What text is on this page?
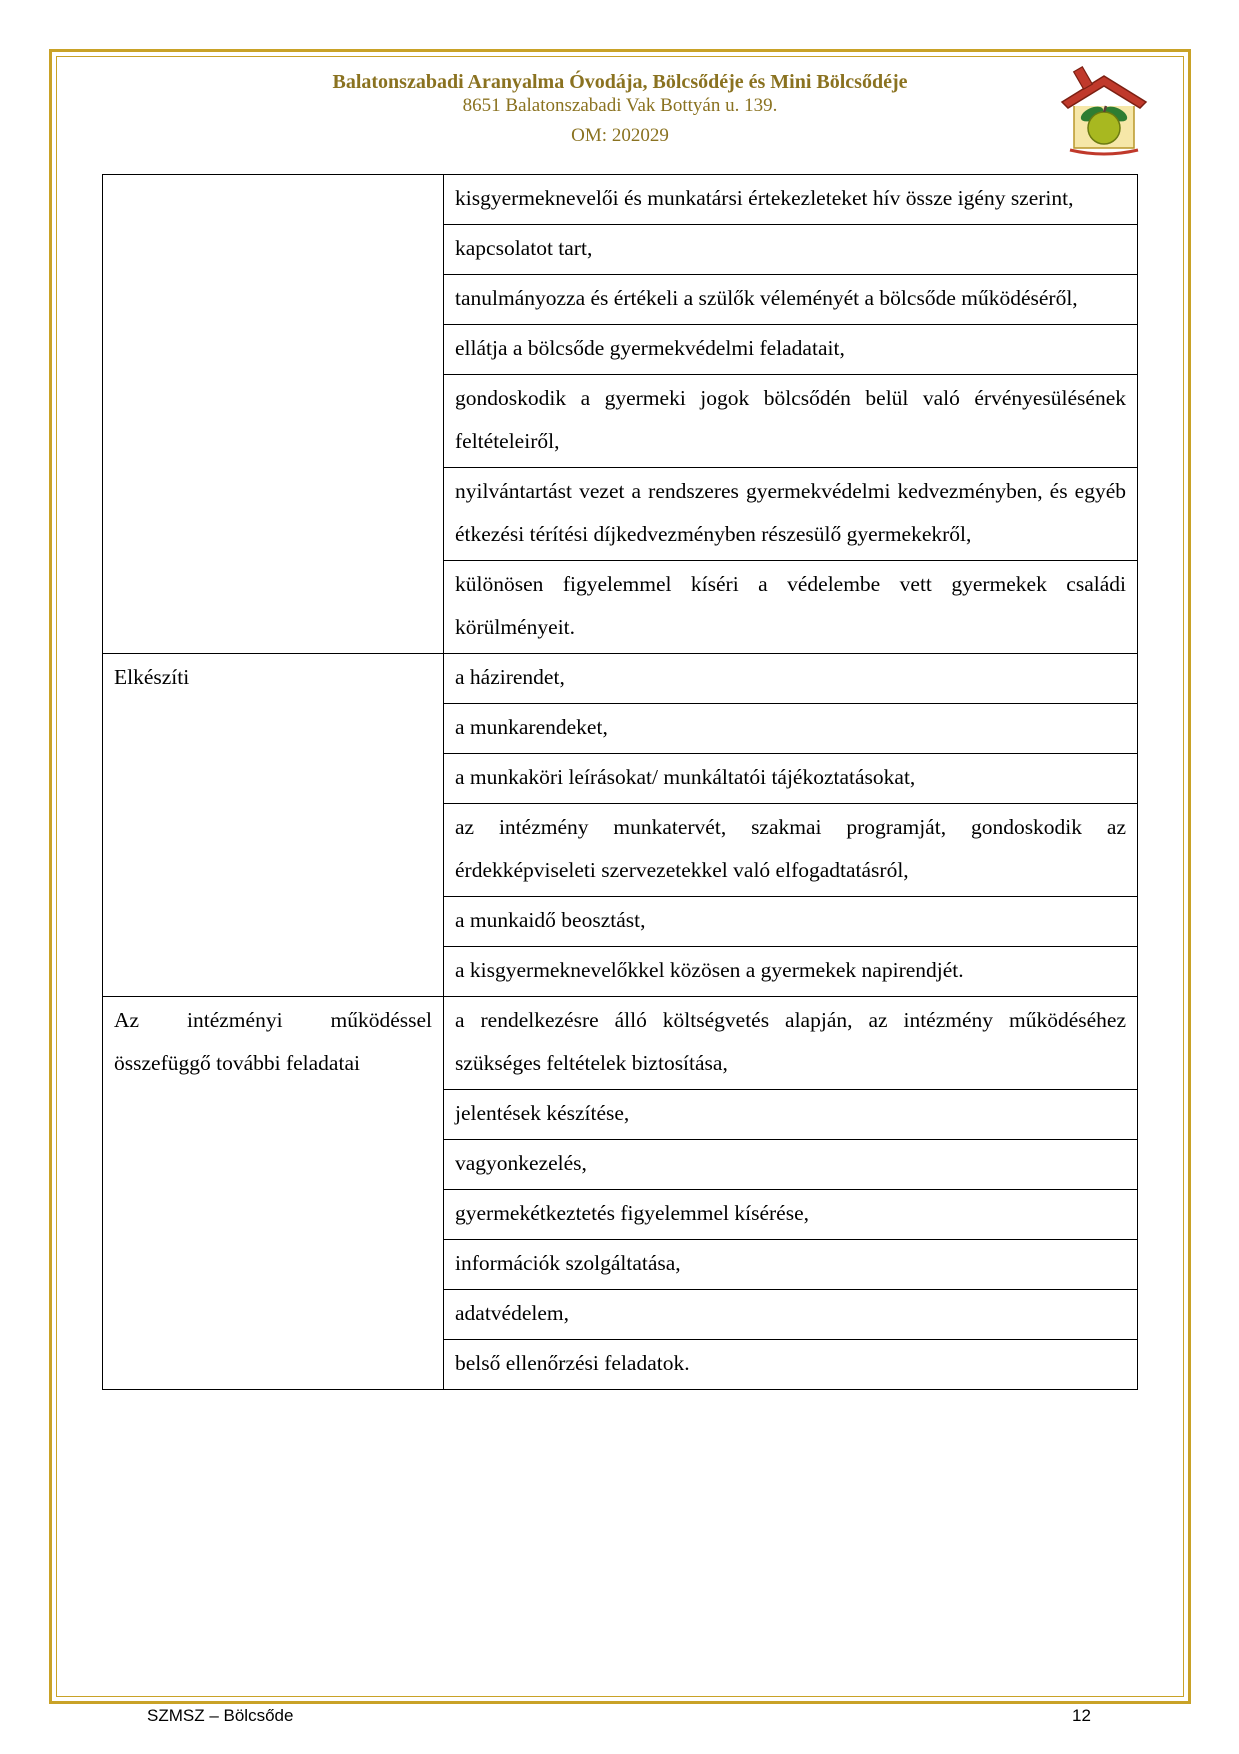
Balatonszabadi Aranyalma Óvodája, Bölcsődéje és Mini Bölcsődéje
8651 Balatonszabadi Vak Bottyán u. 139.
OM: 202029
	kisgyermeknevelői és munkatársi értekezleteket hív össze igény szerint,
	kapcsolatot tart,
	tanulmányozza és értékeli a szülők véleményét a bölcsőde működéséről,
	ellátja a bölcsőde gyermekvédelmi feladatait,
	gondoskodik a gyermeki jogok bölcsődén belül való érvényesülésének feltételeiről,
	nyilvántartást vezet a rendszeres gyermekvédelmi kedvezményben, és egyéb étkezési térítési díjkedvezményben részesülő gyermekekről,
	különösen figyelemmel kíséri a védelembe vett gyermekek családi körülményeit.
Elkészíti	a házirendet,
	a munkarendeket,
	a munkaköri leírásokat/ munkáltatói tájékoztatásokat,
	az intézmény munkatervét, szakmai programját, gondoskodik az érdekképviseleti szervezetekkel való elfogadtatásról,
	a munkaidő beosztást,
	a kisgyermeknevelőkkel közösen a gyermekek napirendjét.
Az intézményi működéssel összefüggő további feladatai	a rendelkezésre álló költségvetés alapján, az intézmény működéséhez szükséges feltételek biztosítása,
	jelentések készítése,
	vagyonkezelés,
	gyermekétkeztetés figyelemmel kísérése,
	információk szolgáltatása,
	adatvédelem,
	belső ellenőrzési feladatok.
SZMSZ – Bölcsőde	12
